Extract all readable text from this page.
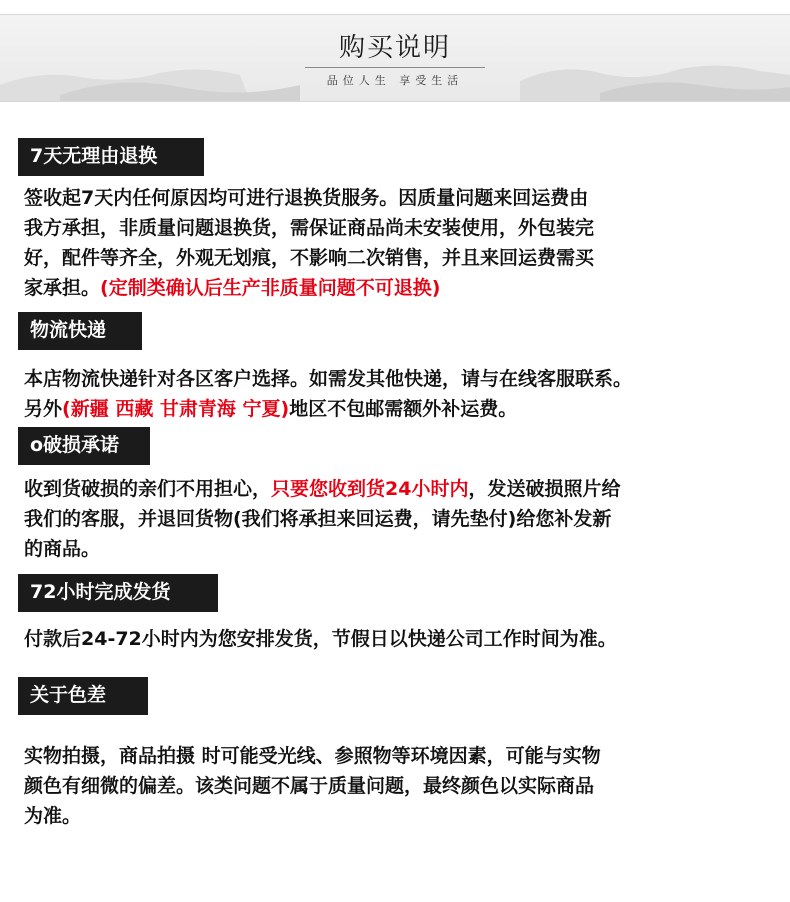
购买说明
品位人生 享受生活
7天无理由退换
签收起7天内任何原因均可进行退换货服务。因质量问题来回运费由
我方承担，非质量问题退换货，需保证商品尚未安装使用，外包装完
好，配件等齐全，外观无划痕，不影响二次销售，并且来回运费需买
家承担。(定制类确认后生产非质量问题不可退换)
物流快递
本店物流快递针对各区客户选择。如需发其他快递，请与在线客服联系。
另外(新疆 西藏 甘肃青海 宁夏)地区不包邮需额外补运费。
o破损承诺
收到货破损的亲们不用担心，只要您收到货24小时内，发送破损照片给
我们的客服，并退回货物(我们将承担来回运费，请先垫付)给您补发新
的商品。
72小时完成发货
付款后24-72小时内为您安排发货，节假日以快递公司工作时间为准。
关于色差
实物拍摄，商品拍摄 时可能受光线、参照物等环境因素，可能与实物
颜色有细微的偏差。该类问题不属于质量问题，最终颜色以实际商品
为准。
